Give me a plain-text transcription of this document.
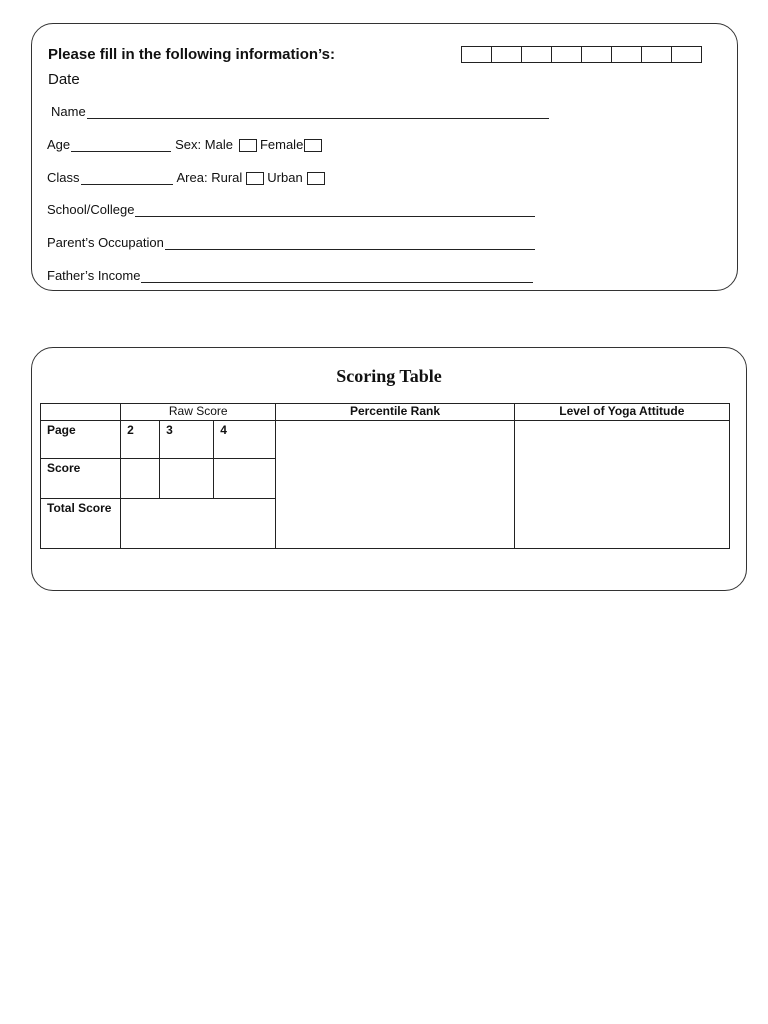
Please fill in the following information’s:
Date
Name
Age	Sex: Male Female
Class	Area: Rural Urban
School/College
Parent’s Occupation
Father’s Income
Scoring Table
	Raw Score			Percentile Rank	Level of Yoga Attitude
Page	2	3	4		
Score					
Total Score					
